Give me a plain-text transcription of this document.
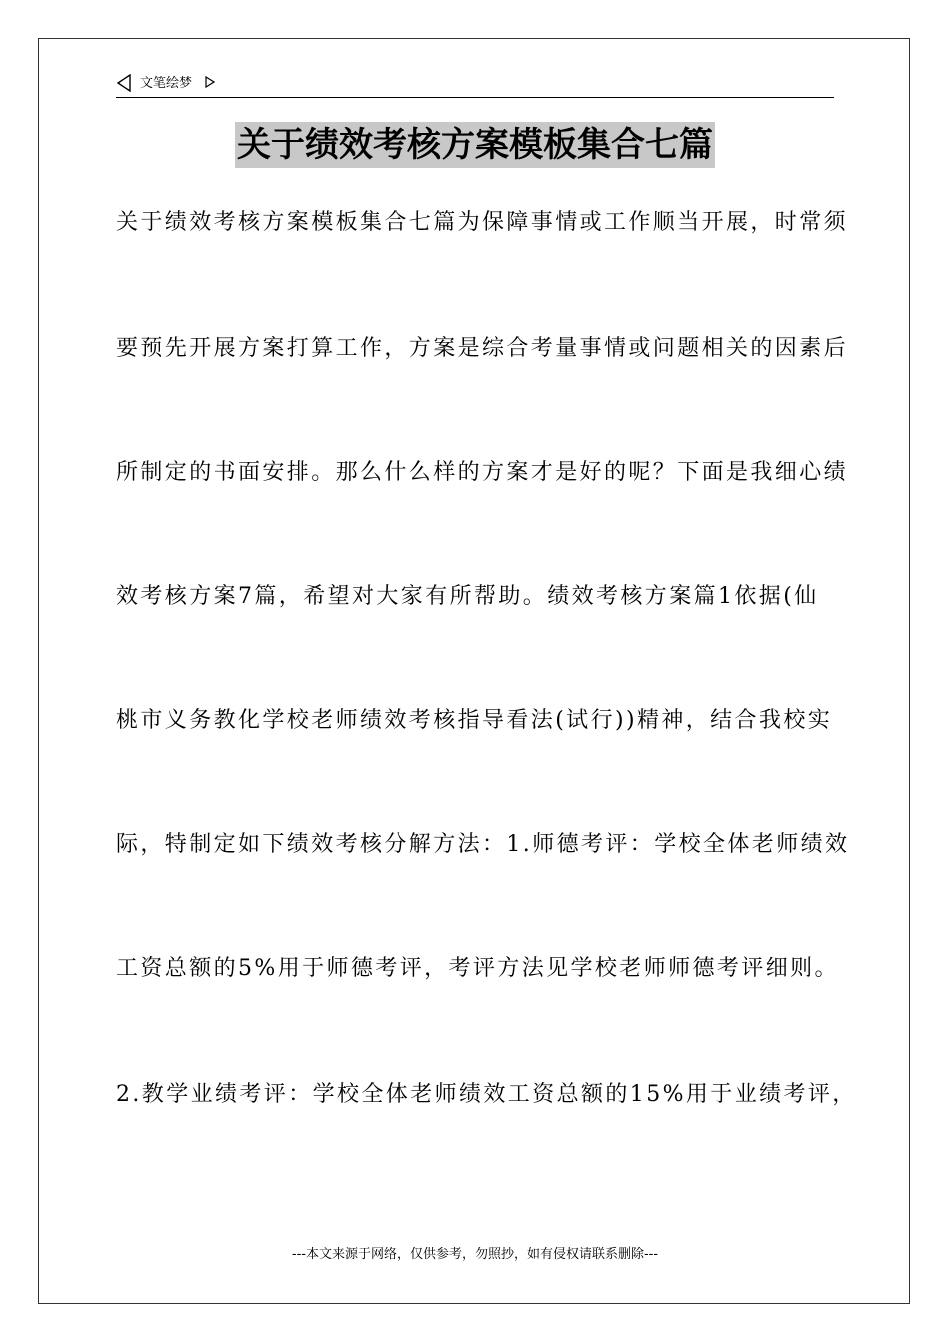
文笔绘梦
关于绩效考核方案模板集合七篇
关于绩效考核方案模板集合七篇为保障事情或工作顺当开展，时常须
要预先开展方案打算工作，方案是综合考量事情或问题相关的因素后
所制定的书面安排。那么什么样的方案才是好的呢？下面是我细心绩
效考核方案7篇，希望对大家有所帮助。绩效考核方案篇1依据(仙
桃市义务教化学校老师绩效考核指导看法(试行))精神，结合我校实
际，特制定如下绩效考核分解方法：1.师德考评：学校全体老师绩效
工资总额的5%用于师德考评，考评方法见学校老师师德考评细则。
2.教学业绩考评：学校全体老师绩效工资总额的15%用于业绩考评，
---本文来源于网络，仅供参考，勿照抄，如有侵权请联系删除---
